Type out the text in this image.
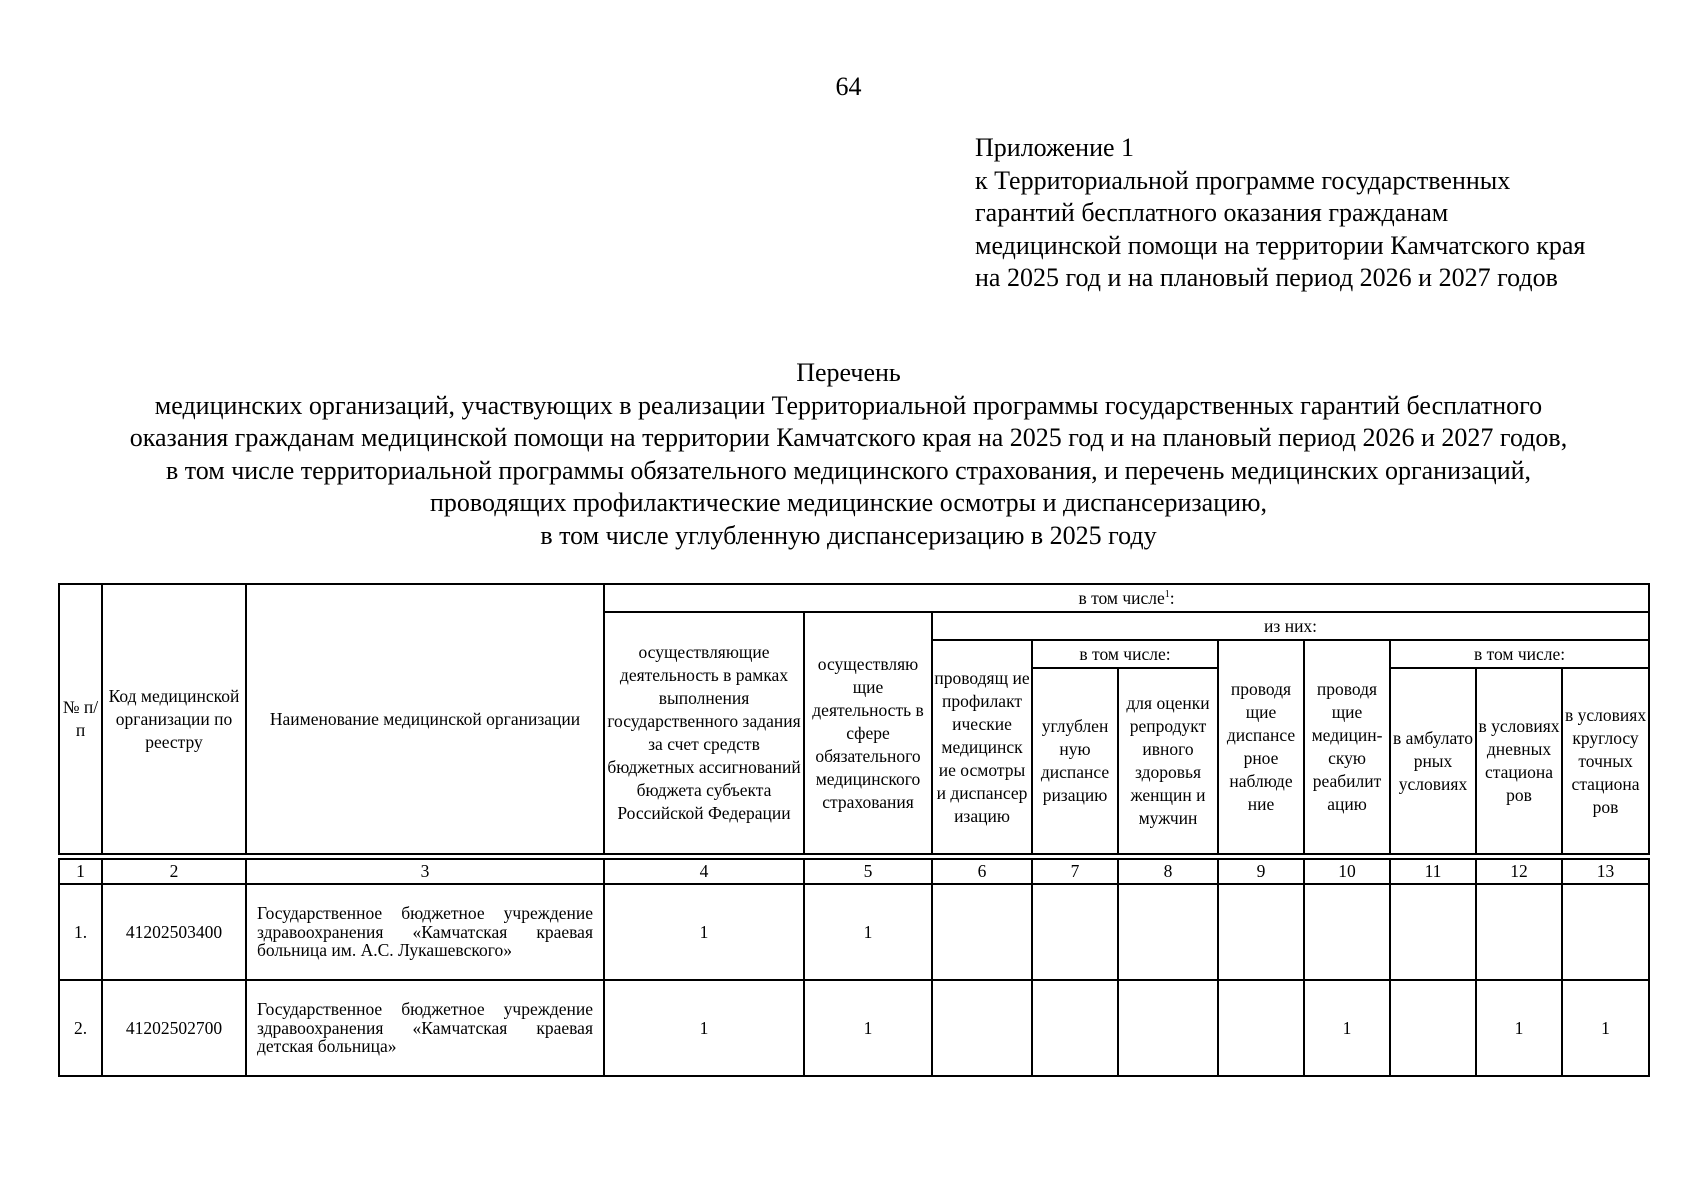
64
Приложение 1
к Территориальной программе государственных
гарантий бесплатного оказания гражданам
медицинской помощи на территории Камчатского края
на 2025 год и на плановый период 2026 и 2027 годов
Перечень
медицинских организаций, участвующих в реализации Территориальной программы государственных гарантий бесплатного
оказания гражданам медицинской помощи на территории Камчатского края на 2025 год и на плановый период 2026 и 2027 годов,
в том числе территориальной программы обязательного медицинского страхования, и перечень медицинских организаций,
проводящих профилактические медицинские осмотры и диспансеризацию,
в том числе углубленную диспансеризацию в 2025 году
№ п/п	Код медицинской организации по реестру	Наименование медицинской организации	в том числе$^1$:									
			осуществляющие деятельность в рамках выполнения государственного задания за счет средств бюджетных ассигнований бюджета субъекта Российской Федерации	осуществляю щие деятельность в сфере обязательного медицинского страхования	из них:							
					проводящ ие профилакт ические медицинск ие осмотры и диспансер изацию	в том числе:		проводя щие диспансе рное наблюде ние	проводя щие медицин- скую реабилит ацию	в том числе:		
						углублен ную диспансе ризацию	для оценки репродукт ивного здоровья женщин и мужчин			в амбулато рных условиях	в условиях дневных стациона ров	в условиях круглосу точных стациона ров
1	2	3	4	5	6	7	8	9	10	11	12	13
1.	41202503400	Государственное бюджетное учреждение здравоохранения «Камчатская краевая больница им. А.С. Лукашевского»	1	1								
2.	41202502700	Государственное бюджетное учреждение здравоохранения «Камчатская краевая детская больница»	1	1					1		1	1
